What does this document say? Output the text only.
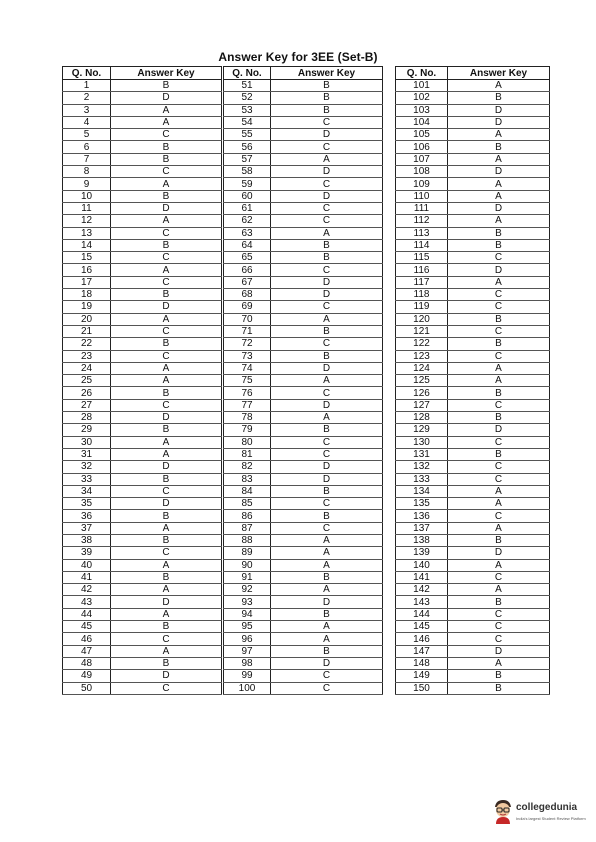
Answer Key for 3EE (Set-B)
Q. No.	Answer Key
1	B
2	D
3	A
4	A
5	C
6	B
7	B
8	C
9	A
10	B
11	D
12	A
13	C
14	B
15	C
16	A
17	C
18	B
19	D
20	A
21	C
22	B
23	C
24	A
25	A
26	B
27	C
28	D
29	B
30	A
31	A
32	D
33	B
34	C
35	D
36	B
37	A
38	B
39	C
40	A
41	B
42	A
43	D
44	A
45	B
46	C
47	A
48	B
49	D
50	C
Q. No.	Answer Key
51	B
52	B
53	B
54	C
55	D
56	C
57	A
58	D
59	C
60	D
61	C
62	C
63	A
64	B
65	B
66	C
67	D
68	D
69	C
70	A
71	B
72	C
73	B
74	D
75	A
76	C
77	D
78	A
79	B
80	C
81	C
82	D
83	D
84	B
85	C
86	B
87	C
88	A
89	A
90	A
91	B
92	A
93	D
94	B
95	A
96	A
97	B
98	D
99	C
100	C
Q. No.	Answer Key
101	A
102	B
103	D
104	D
105	A
106	B
107	A
108	D
109	A
110	A
111	D
112	A
113	B
114	B
115	C
116	D
117	A
118	C
119	C
120	B
121	C
122	B
123	C
124	A
125	A
126	B
127	C
128	B
129	D
130	C
131	B
132	C
133	C
134	A
135	A
136	C
137	A
138	B
139	D
140	A
141	C
142	A
143	B
144	C
145	C
146	C
147	D
148	A
149	B
150	B
collegedunia
India's largest Student Review Platform
